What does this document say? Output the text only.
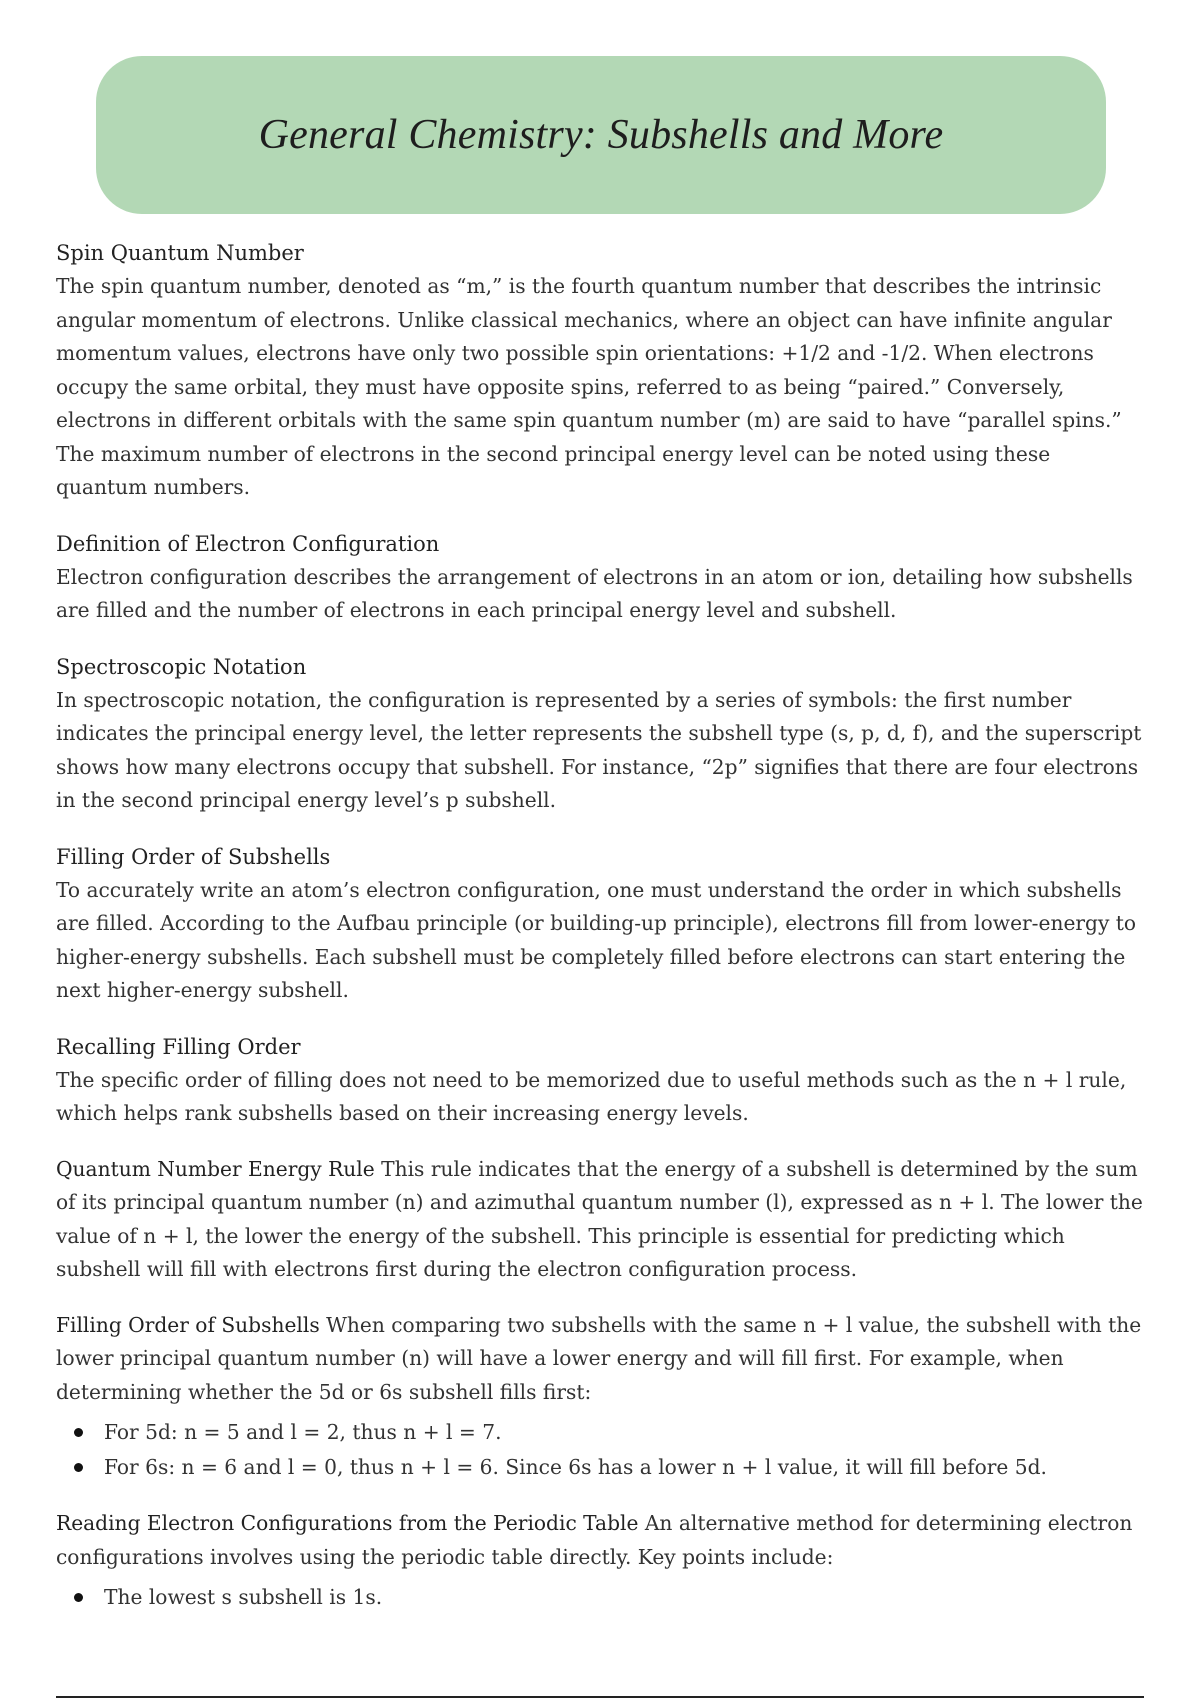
General Chemistry: Subshells and More

Spin Quantum Number

The spin quantum number, denoted as “m,” is the fourth quantum number that describes the intrinsic angular momentum of electrons. Unlike classical mechanics, where an object can have infinite angular momentum values, electrons have only two possible spin orientations: +1/2 and -1/2. When electrons occupy the same orbital, they must have opposite spins, referred to as being “paired.” Conversely, electrons in different orbitals with the same spin quantum number (m) are said to have “parallel spins.” The maximum number of electrons in the second principal energy level can be noted using these quantum numbers.

Definition of Electron Configuration

Electron configuration describes the arrangement of electrons in an atom or ion, detailing how subshells are filled and the number of electrons in each principal energy level and subshell.

Spectroscopic Notation

In spectroscopic notation, the configuration is represented by a series of symbols: the first number indicates the principal energy level, the letter represents the subshell type (s, p, d, f), and the superscript shows how many electrons occupy that subshell. For instance, “2p” signifies that there are four electrons in the second principal energy level’s p subshell.

Filling Order of Subshells

To accurately write an atom’s electron configuration, one must understand the order in which subshells are filled. According to the Aufbau principle (or building-up principle), electrons fill from lower-energy to higher-energy subshells. Each subshell must be completely filled before electrons can start entering the next higher-energy subshell.

Recalling Filling Order

The specific order of filling does not need to be memorized due to useful methods such as the n + l rule, which helps rank subshells based on their increasing energy levels.

Quantum Number Energy Rule This rule indicates that the energy of a subshell is determined by the sum of its principal quantum number (n) and azimuthal quantum number (l), expressed as n + l. The lower the value of n + l, the lower the energy of the subshell. This principle is essential for predicting which subshell will fill with electrons first during the electron configuration process.

Filling Order of Subshells When comparing two subshells with the same n + l value, the subshell with the lower principal quantum number (n) will have a lower energy and will fill first. For example, when determining whether the 5d or 6s subshell fills first:

For 5d: n = 5 and l = 2, thus n + l = 7.
For 6s: n = 6 and l = 0, thus n + l = 6. Since 6s has a lower n + l value, it will fill before 5d.

Reading Electron Configurations from the Periodic Table An alternative method for determining electron configurations involves using the periodic table directly. Key points include:

The lowest s subshell is 1s.
